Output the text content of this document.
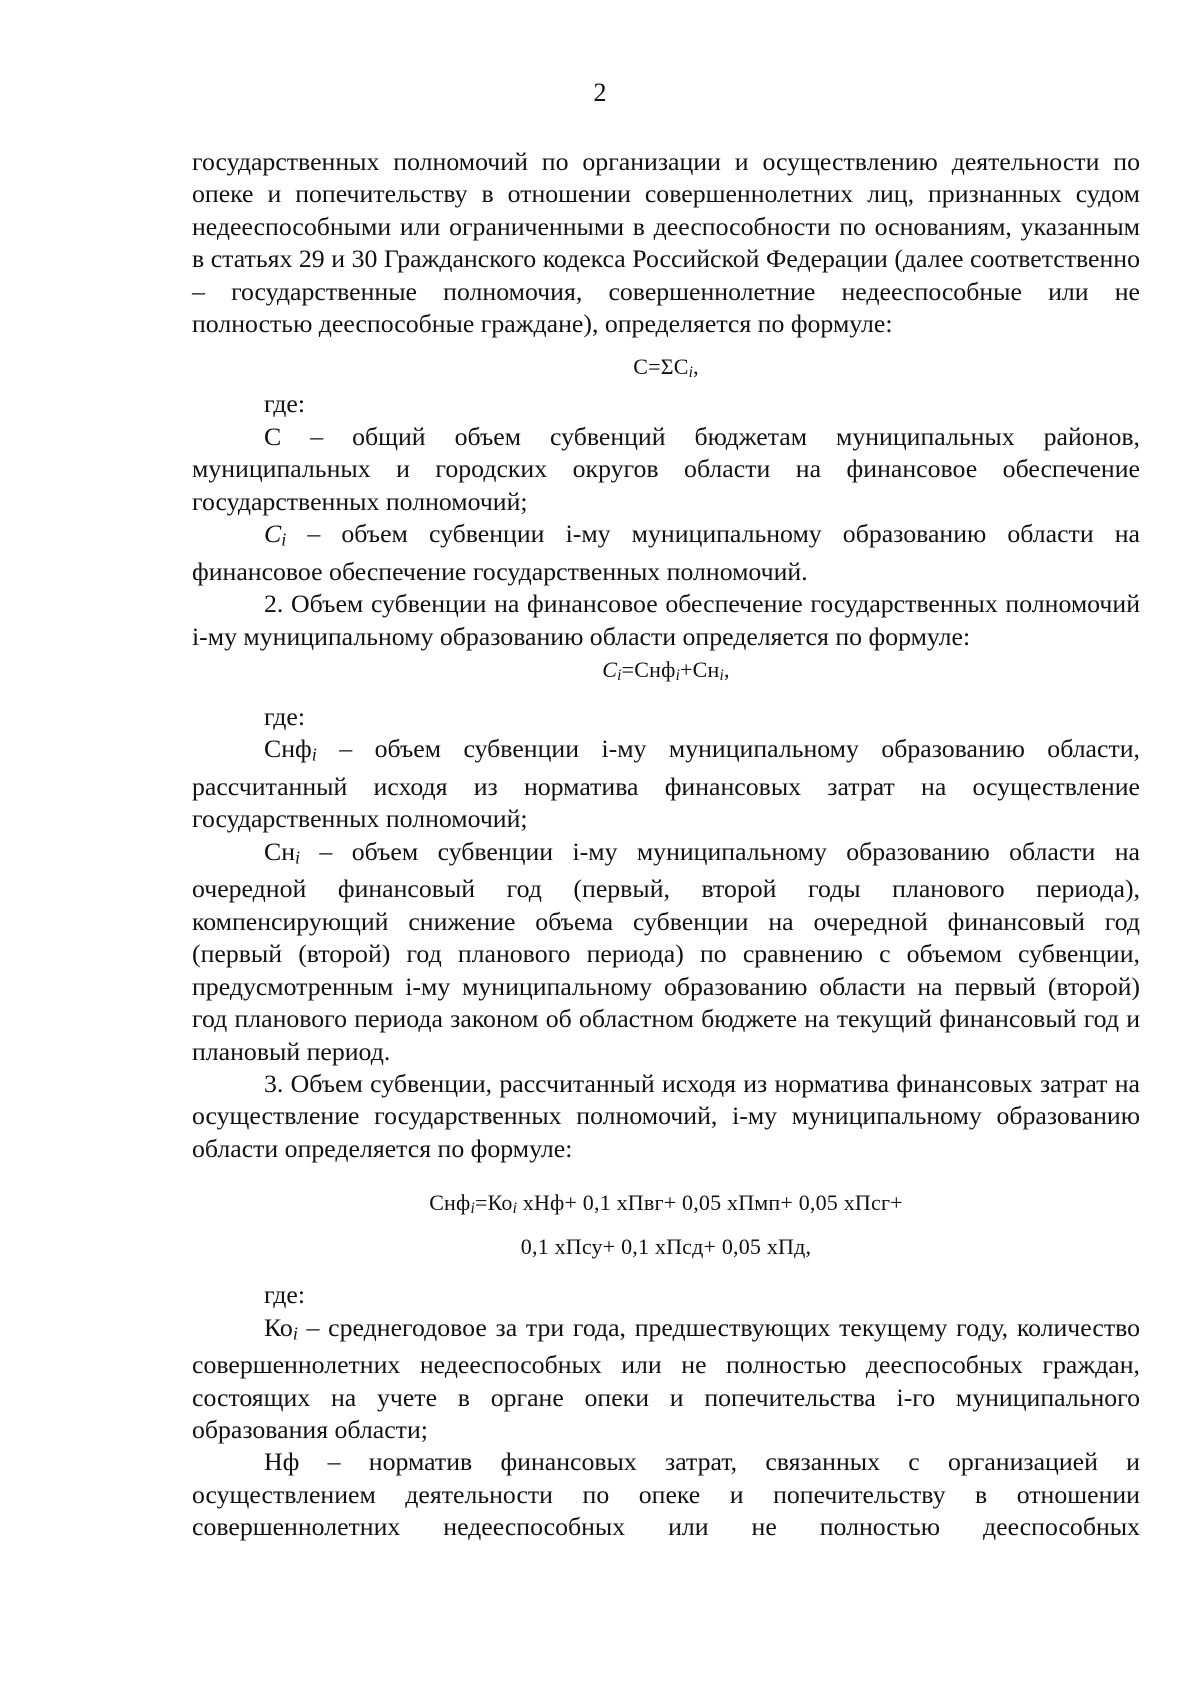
2

государственных полномочий по организации и осуществлению деятельности по опеке и попечительству в отношении совершеннолетних лиц, признанных судом недееспособными или ограниченными в дееспособности по основаниям, указанным в статьях 29 и 30 Гражданского кодекса Российской Федерации (далее соответственно – государственные полномочия, совершеннолетние недееспособные или не полностью дееспособные граждане), определяется по формуле:

С=ΣСi,

где:

С – общий объем субвенций бюджетам муниципальных районов, муниципальных и городских округов области на финансовое обеспечение государственных полномочий;

Сi – объем субвенции i-му муниципальному образованию области на финансовое обеспечение государственных полномочий.

2. Объем субвенции на финансовое обеспечение государственных полномочий i-му муниципальному образованию области определяется по формуле:

Сi=Снфi+Снi,

где:

Снфi – объем субвенции i-му муниципальному образованию области, рассчитанный исходя из норматива финансовых затрат на осуществление государственных полномочий;

Снi – объем субвенции i-му муниципальному образованию области на очередной финансовый год (первый, второй годы планового периода), компенсирующий снижение объема субвенции на очередной финансовый год (первый (второй) год планового периода) по сравнению с объемом субвенции, предусмотренным i-му муниципальному образованию области на первый (второй) год планового периода законом об областном бюджете на текущий финансовый год и плановый период.

3. Объем субвенции, рассчитанный исходя из норматива финансовых затрат на осуществление государственных полномочий, i-му муниципальному образованию области определяется по формуле:

Снфi=Коi хНф+ 0,1 хПвг+ 0,05 хПмп+ 0,05 хПсг+
0,1 хПсу+ 0,1 хПсд+ 0,05 хПд,

где:

Коi – среднегодовое за три года, предшествующих текущему году, количество совершеннолетних недееспособных или не полностью дееспособных граждан, состоящих на учете в органе опеки и попечительства i-го муниципального образования области;

Нф – норматив финансовых затрат, связанных с организацией и осуществлением деятельности по опеке и попечительству в отношении совершеннолетних недееспособных или не полностью дееспособных
